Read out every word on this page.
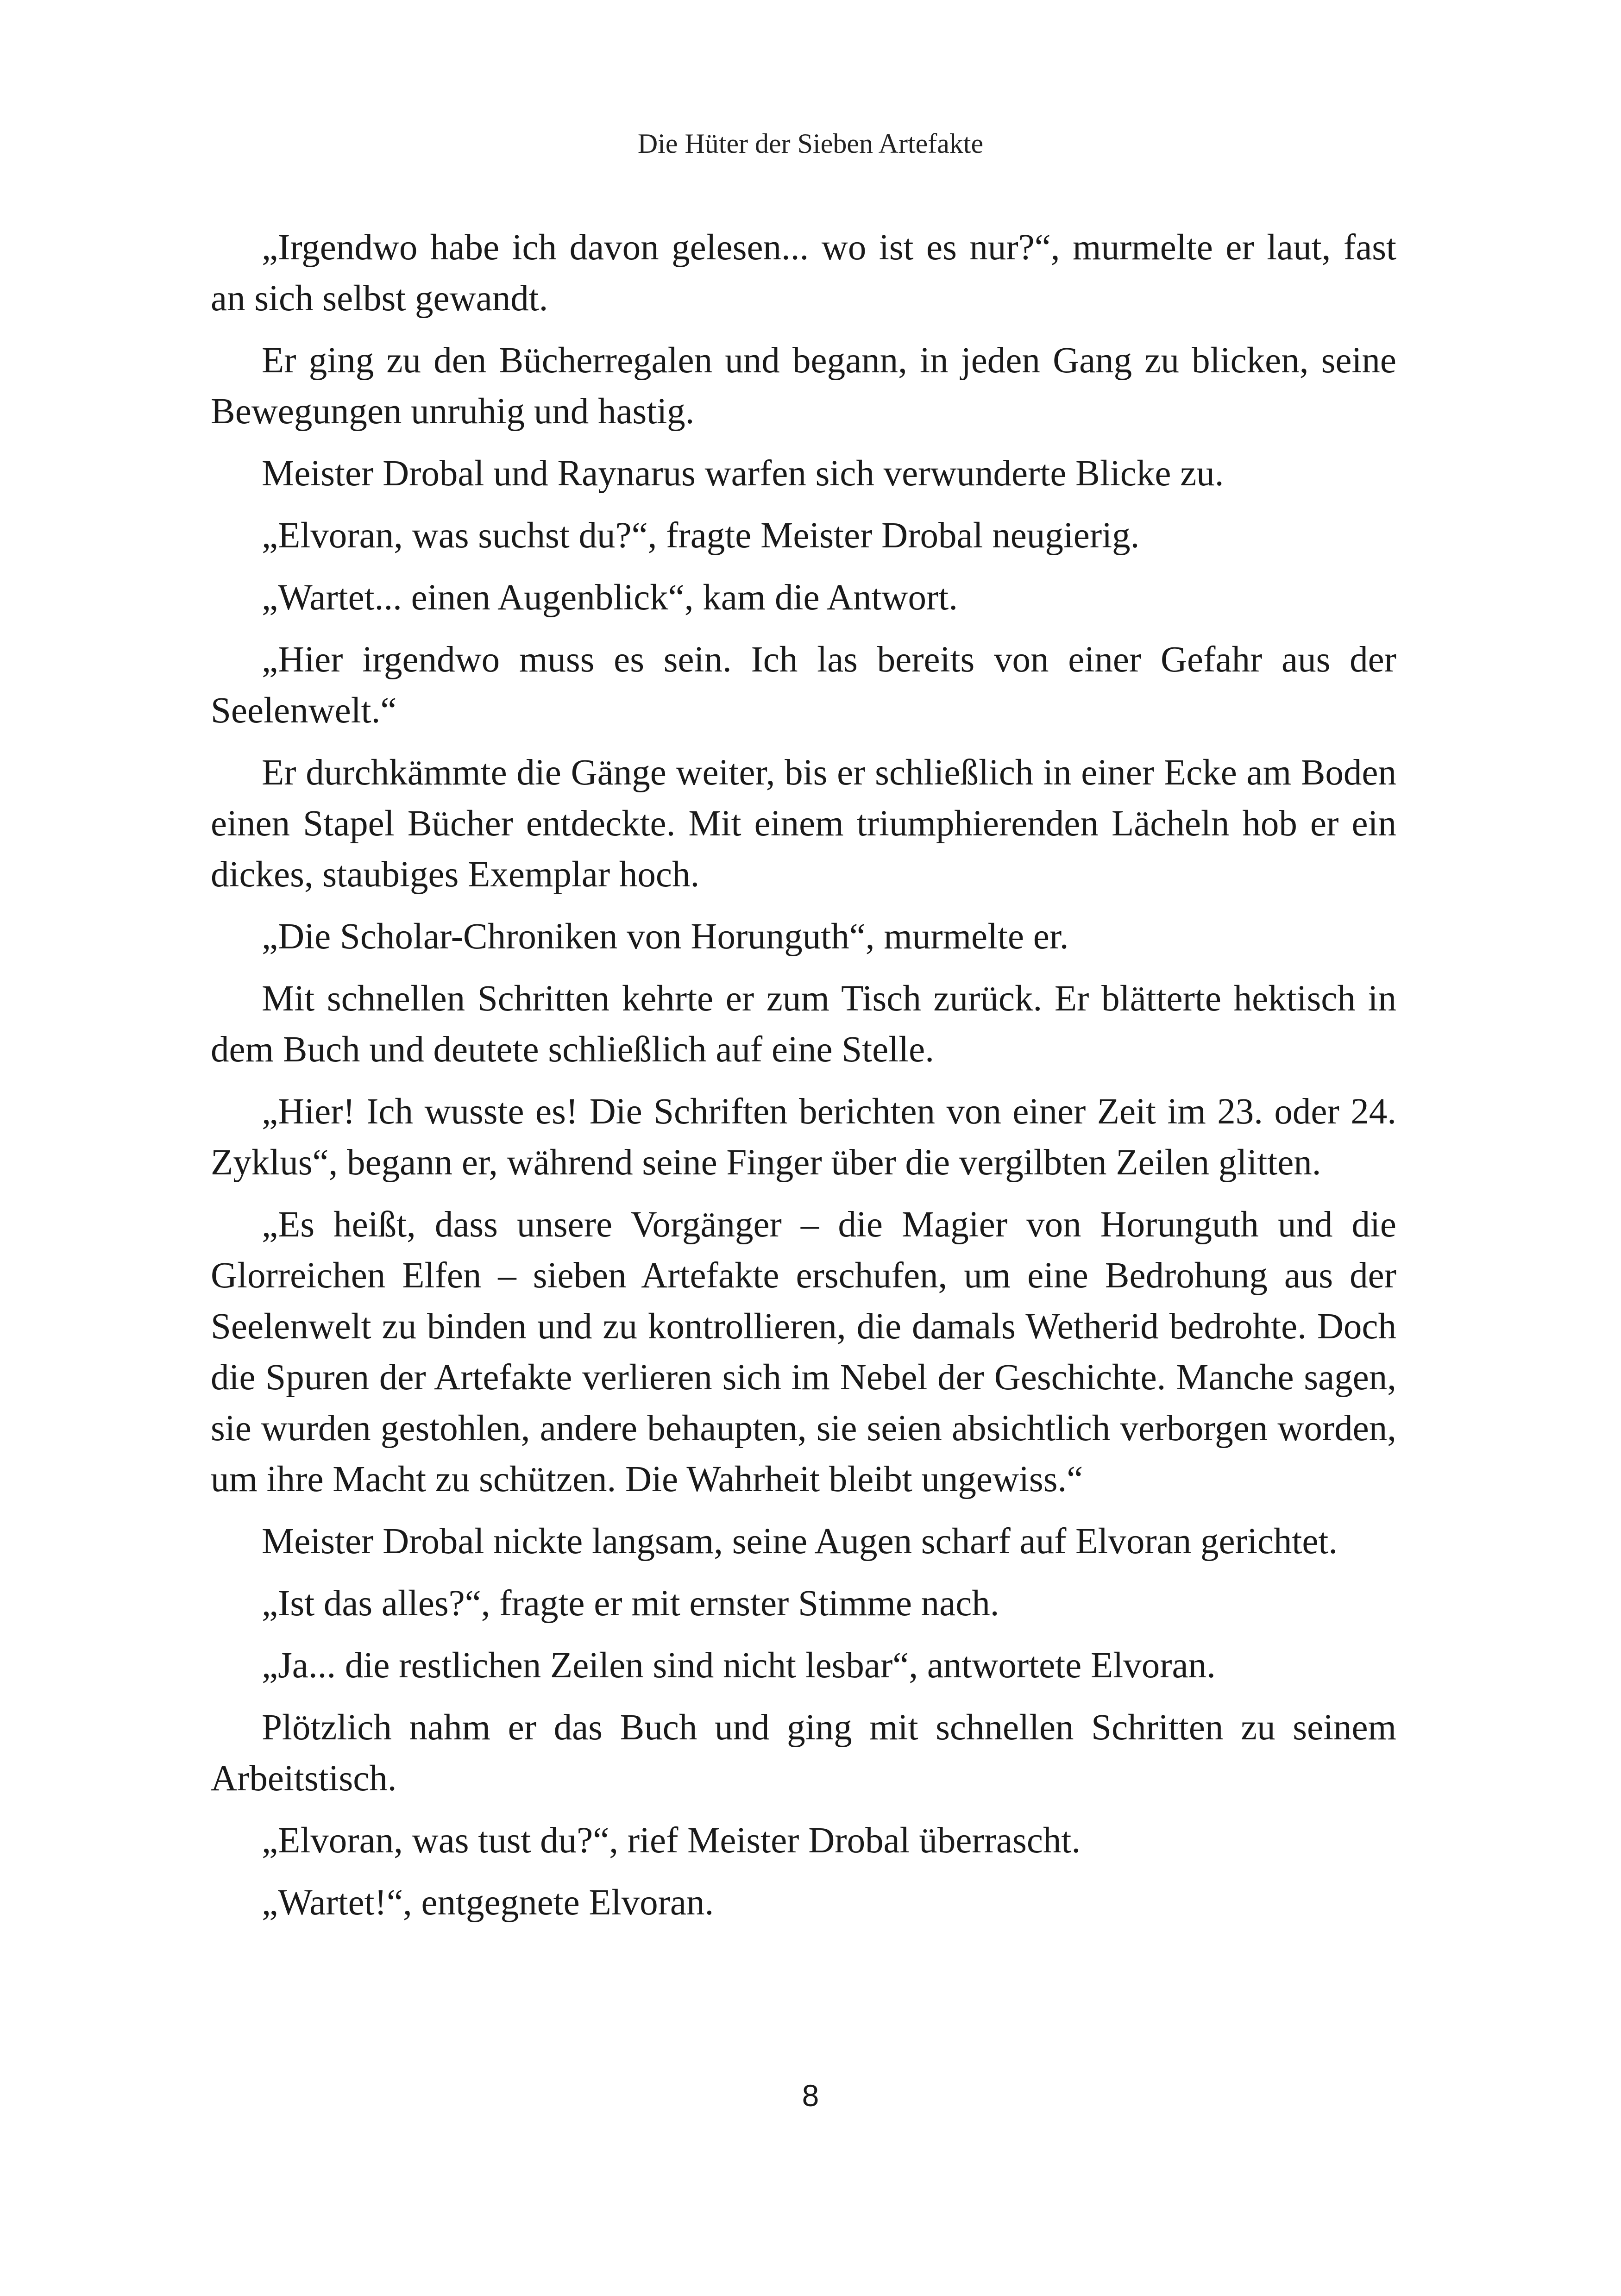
Die Hüter der Sieben Artefakte

„Irgendwo habe ich davon gelesen... wo ist es nur?“, murmelte er laut, fast an sich selbst gewandt.

Er ging zu den Bücherregalen und begann, in jeden Gang zu blicken, seine Bewegungen unruhig und hastig.

Meister Drobal und Raynarus warfen sich verwunderte Blicke zu.

„Elvoran, was suchst du?“, fragte Meister Drobal neugierig.

„Wartet... einen Augenblick“, kam die Antwort.

„Hier irgendwo muss es sein. Ich las bereits von einer Gefahr aus der Seelenwelt.“

Er durchkämmte die Gänge weiter, bis er schließlich in einer Ecke am Boden einen Stapel Bücher entdeckte. Mit einem triumphierenden Lächeln hob er ein dickes, staubiges Exemplar hoch.

„Die Scholar-Chroniken von Horunguth“, murmelte er.

Mit schnellen Schritten kehrte er zum Tisch zurück. Er blätterte hektisch in dem Buch und deutete schließlich auf eine Stelle.

„Hier! Ich wusste es! Die Schriften berichten von einer Zeit im 23. oder 24. Zyklus“, begann er, während seine Finger über die vergilbten Zeilen glitten.

„Es heißt, dass unsere Vorgänger – die Magier von Horunguth und die Glorreichen Elfen – sieben Artefakte erschufen, um eine Bedrohung aus der Seelenwelt zu binden und zu kontrollieren, die damals Wetherid bedrohte. Doch die Spuren der Artefakte verlieren sich im Nebel der Geschichte. Manche sagen, sie wurden gestohlen, andere behaupten, sie seien absichtlich verborgen worden, um ihre Macht zu schützen. Die Wahrheit bleibt ungewiss.“

Meister Drobal nickte langsam, seine Augen scharf auf Elvoran gerichtet.

„Ist das alles?“, fragte er mit ernster Stimme nach.

„Ja... die restlichen Zeilen sind nicht lesbar“, antwortete Elvoran.

Plötzlich nahm er das Buch und ging mit schnellen Schritten zu seinem Arbeitstisch.

„Elvoran, was tust du?“, rief Meister Drobal überrascht.

„Wartet!“, entgegnete Elvoran.

8
